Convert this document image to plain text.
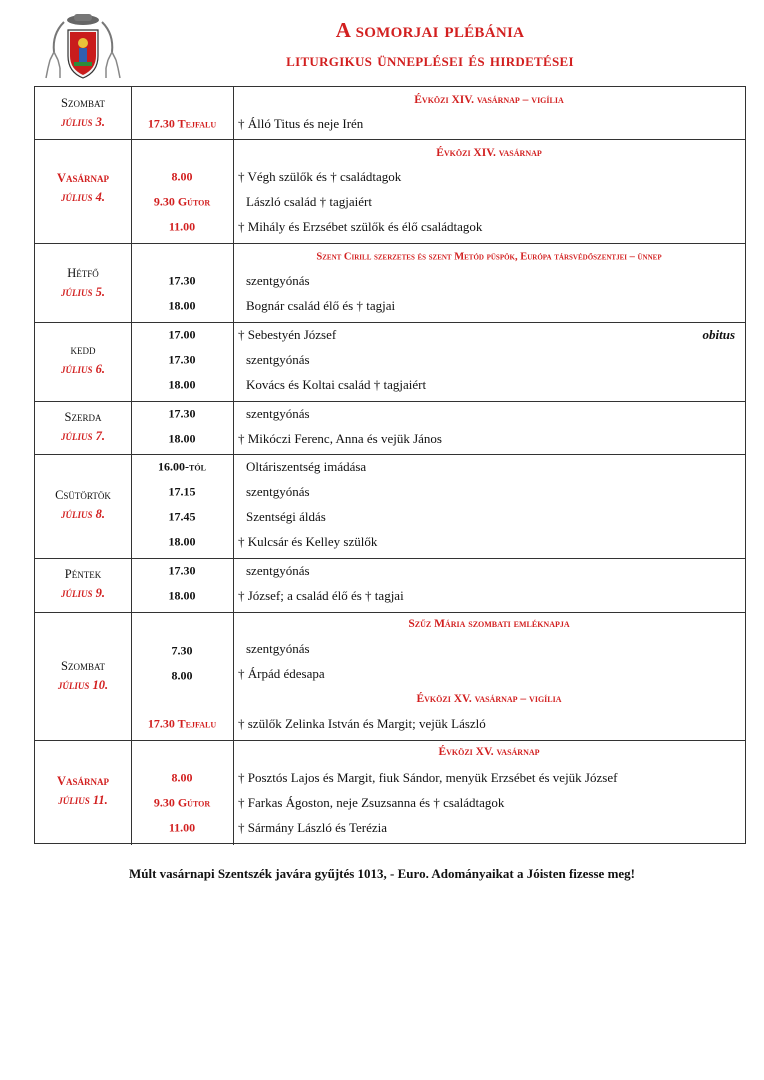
A somorjai plébánia
liturgikus ünneplései és hirdetései
Szombat
július 3.
Évközi XIV. vasárnap – vigília
17.30 Tejfalu	† Álló Titus és neje Irén
Vasárnap
július 4.
Évközi XIV. vasárnap
8.00	† Végh szülők és † családtagok
9.30 Gútor	László család † tagjaiért
11.00	† Mihály és Erzsébet szülők és élő családtagok
Hétfő
július 5.
Szent Cirill szerzetes és szent Metód püspök, Európa társvédőszentjei – ünnep
17.30	szentgyónás
18.00	Bognár család élő és † tagjai
kedd
július 6.
17.00	† Sebestyén József	obitus
17.30	szentgyónás
18.00	Kovács és Koltai család † tagjaiért
Szerda
július 7.
17.30	szentgyónás
18.00	† Mikóczi Ferenc, Anna és vejük János
Csütörtök
július 8.
16.00-tól	Oltáriszentség imádása
17.15	szentgyónás
17.45	Szentségi áldás
18.00	† Kulcsár és Kelley szülők
Péntek
július 9.
17.30	szentgyónás
18.00	† József; a család élő és † tagjai
Szombat
július 10.
Szűz Mária szombati emléknapja
7.30	szentgyónás
8.00	† Árpád édesapa
Évközi XV. vasárnap – vigília
17.30 Tejfalu	† szülők Zelinka István és Margit; vejük László
Vasárnap
július 11.
Évközi XV. vasárnap
8.00	† Posztós Lajos és Margit, fiuk Sándor, menyük Erzsébet és vejük József
9.30 Gútor	† Farkas Ágoston, neje Zsuzsanna és † családtagok
11.00	† Sármány László és Terézia
Múlt vasárnapi Szentszék javára gyűjtés 1013, - Euro. Adományaikat a Jóisten fizesse meg!
